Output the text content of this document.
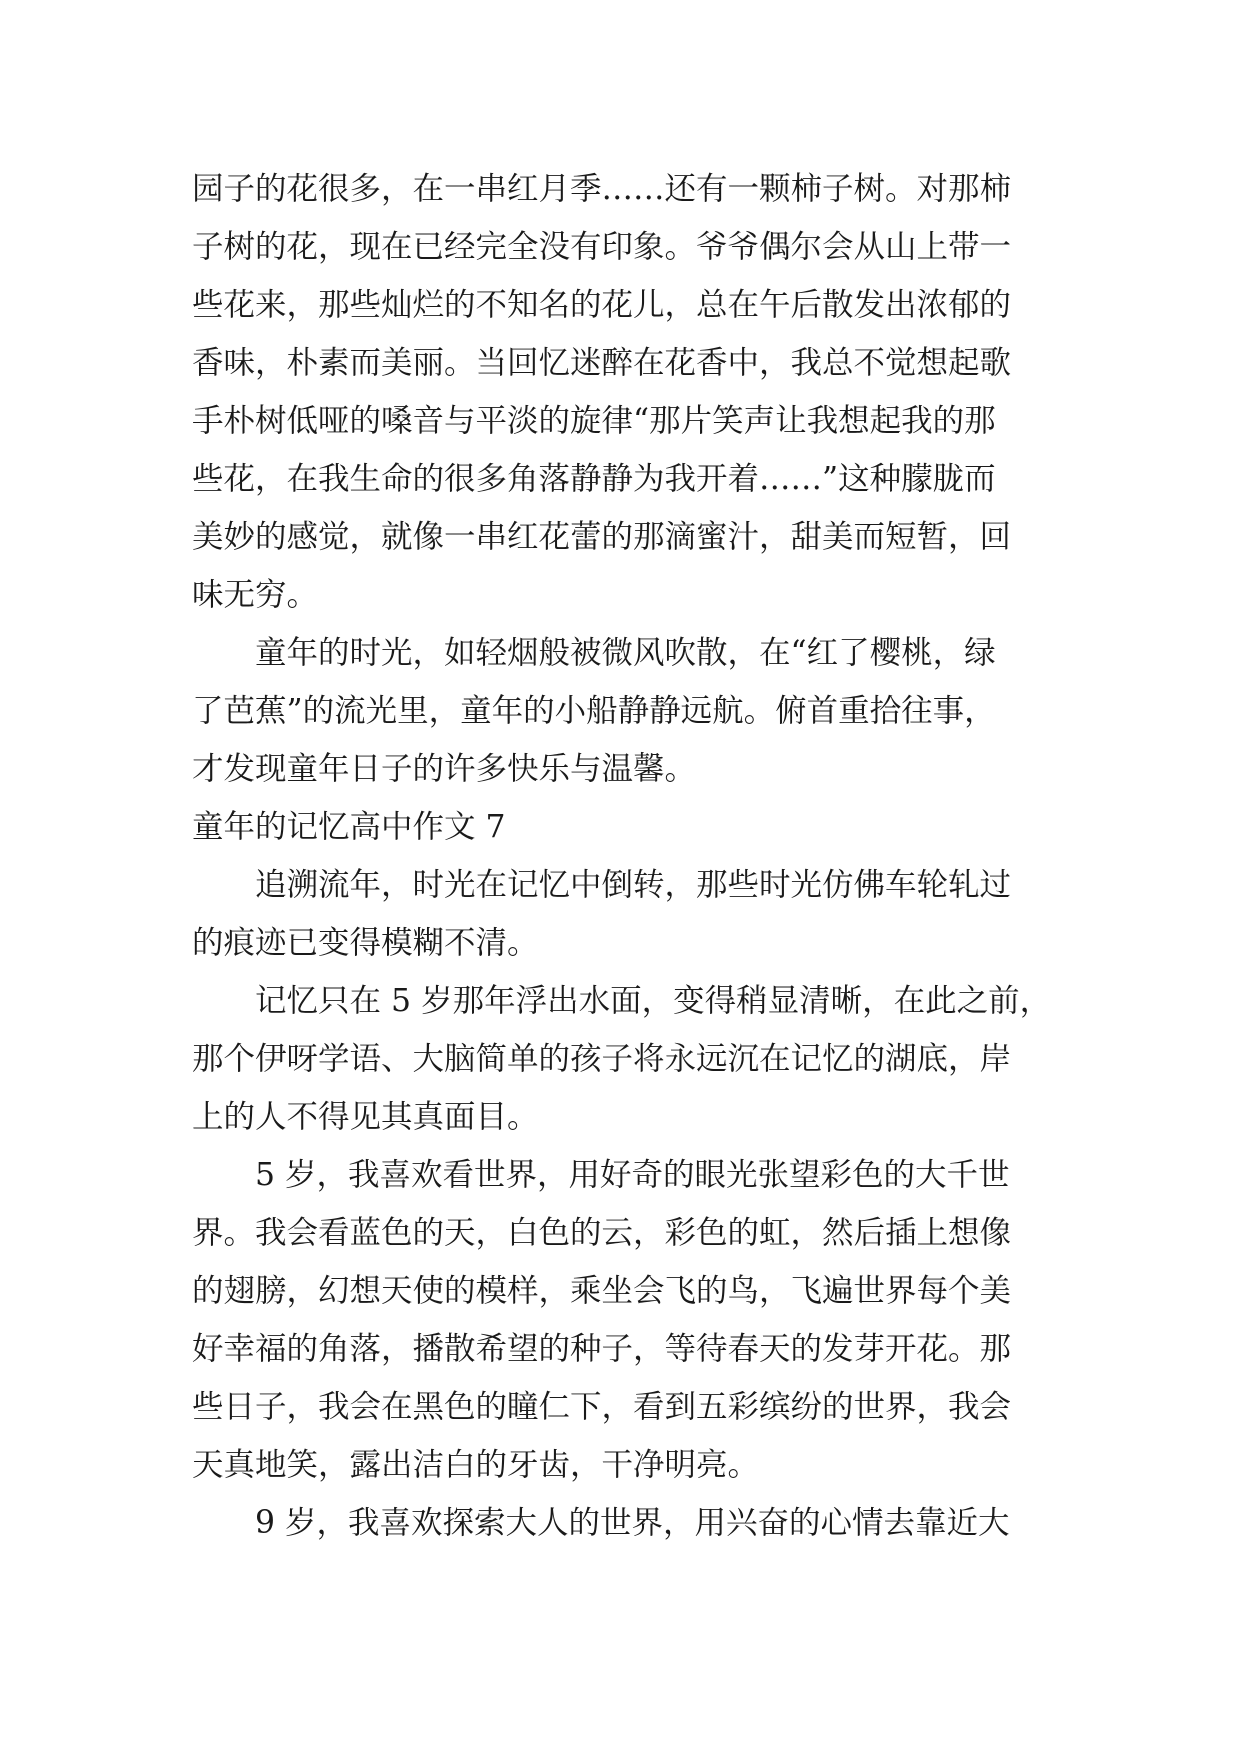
园子的花很多，在一串红月季……还有一颗柿子树。对那柿
子树的花，现在已经完全没有印象。爷爷偶尔会从山上带一
些花来，那些灿烂的不知名的花儿，总在午后散发出浓郁的
香味，朴素而美丽。当回忆迷醉在花香中，我总不觉想起歌
手朴树低哑的嗓音与平淡的旋律“那片笑声让我想起我的那
些花，在我生命的很多角落静静为我开着……”这种朦胧而
美妙的感觉，就像一串红花蕾的那滴蜜汁，甜美而短暂，回
味无穷。
童年的时光，如轻烟般被微风吹散，在“红了樱桃，绿
了芭蕉”的流光里，童年的小船静静远航。俯首重拾往事，
才发现童年日子的许多快乐与温馨。
童年的记忆高中作文 7
追溯流年，时光在记忆中倒转，那些时光仿佛车轮轧过
的痕迹已变得模糊不清。
记忆只在 5 岁那年浮出水面，变得稍显清晰，在此之前，
那个伊呀学语、大脑简单的孩子将永远沉在记忆的湖底，岸
上的人不得见其真面目。
5 岁，我喜欢看世界，用好奇的眼光张望彩色的大千世
界。我会看蓝色的天，白色的云，彩色的虹，然后插上想像
的翅膀，幻想天使的模样，乘坐会飞的鸟，飞遍世界每个美
好幸福的角落，播散希望的种子，等待春天的发芽开花。那
些日子，我会在黑色的瞳仁下，看到五彩缤纷的世界，我会
天真地笑，露出洁白的牙齿，干净明亮。
9 岁，我喜欢探索大人的世界，用兴奋的心情去靠近大
